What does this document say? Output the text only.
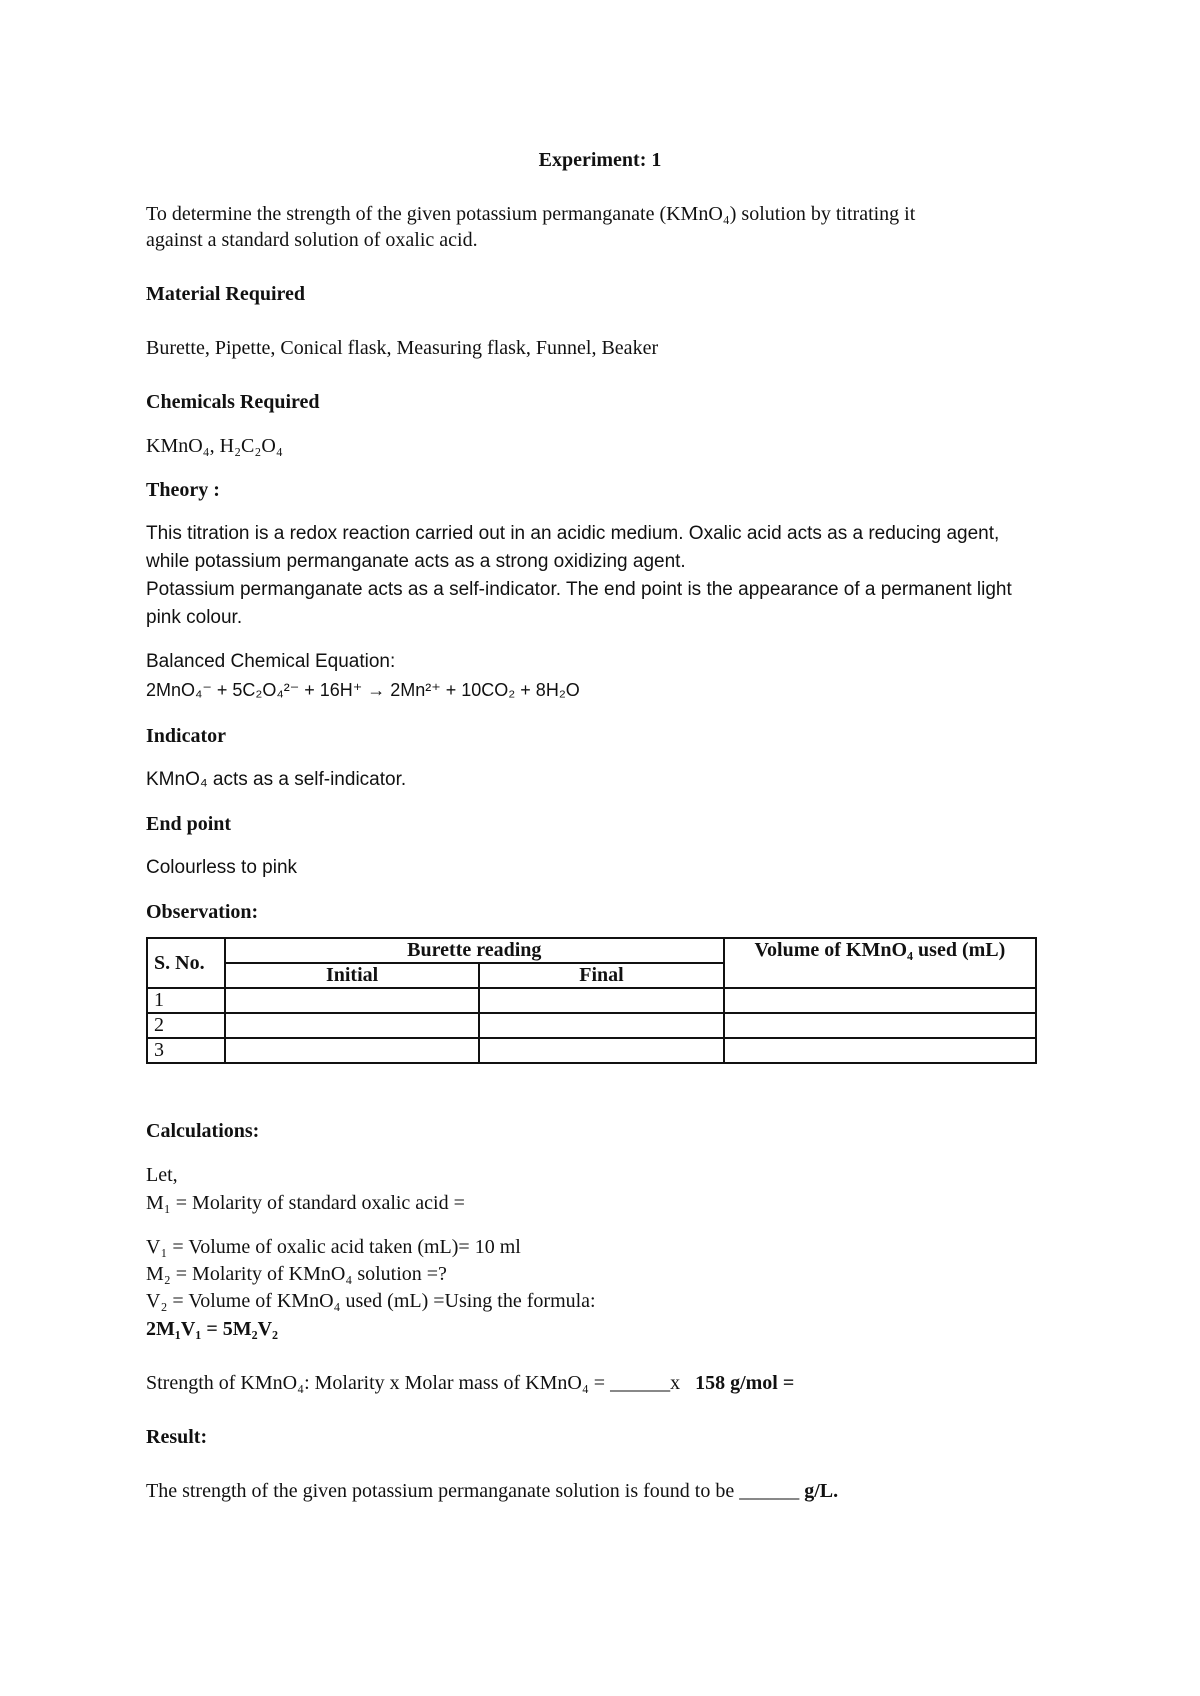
Experiment: 1

To determine the strength of the given potassium permanganate (KMnO₄) solution by titrating it

against a standard solution of oxalic acid.

Material Required

Burette, Pipette, Conical flask, Measuring flask, Funnel, Beaker

Chemicals Required

KMnO₄, H₂C₂O₄

Theory :

This titration is a redox reaction carried out in an acidic medium. Oxalic acid acts as a reducing agent,

while potassium permanganate acts as a strong oxidizing agent.

Potassium permanganate acts as a self-indicator. The end point is the appearance of a permanent light

pink colour.

Balanced Chemical Equation:

2MnO₄⁻ + 5C₂O₄²⁻ + 16H⁺ → 2Mn²⁺ + 10CO₂ + 8H₂O

Indicator

KMnO₄ acts as a self-indicator.

End point

Colourless to pink

Observation:

S. No.	Burette reading		Volume of KMnO₄ used (mL)
	Initial	Final	
1			
2			
3			

Calculations:

Let,

M₁ = Molarity of standard oxalic acid =

V₁ = Volume of oxalic acid taken (mL)= 10 ml

M₂ = Molarity of KMnO₄ solution =?

V₂ = Volume of KMnO₄ used (mL) =Using the formula:

2M₁V₁ = 5M₂V₂

Strength of KMnO₄: Molarity x Molar mass of KMnO₄ = ______x 158 g/mol =

Result:

The strength of the given potassium permanganate solution is found to be ______ g/L.
